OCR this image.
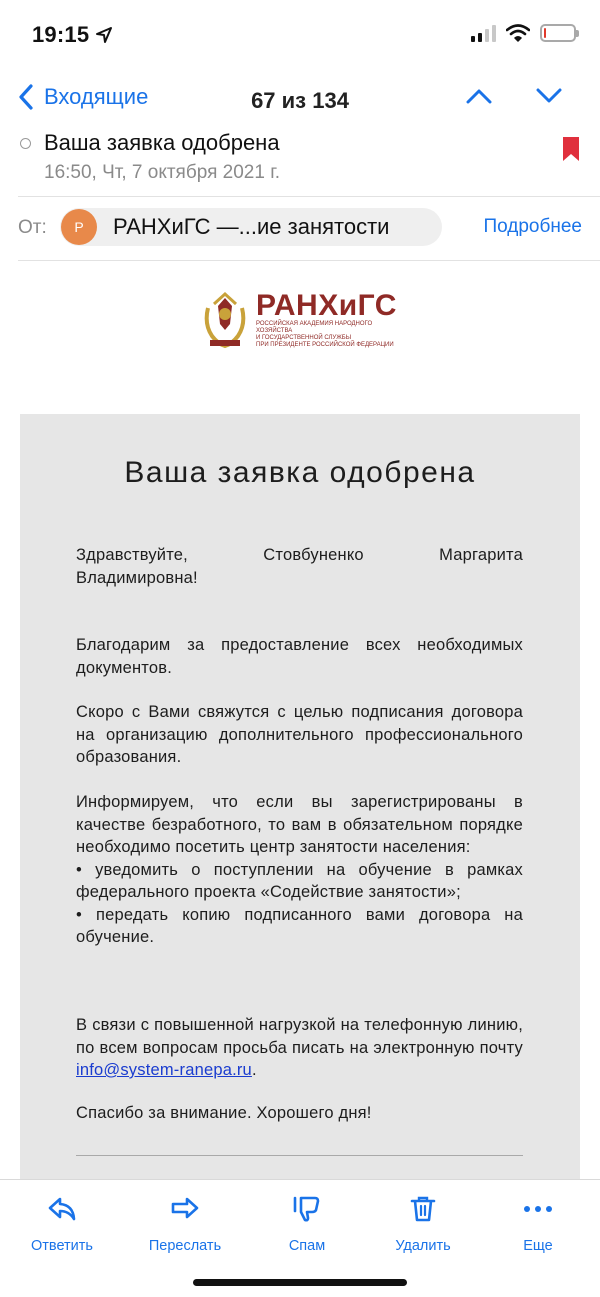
19:15
Входящие	67 из 134
Ваша заявка одобрена
16:50, Чт, 7 октября 2021 г.
От:	Р	РАНХиГС —...ие занятости	Подробнее
РАНХиГС
РОССИЙСКАЯ АКАДЕМИЯ НАРОДНОГО ХОЗЯЙСТВА
И ГОСУДАРСТВЕННОЙ СЛУЖБЫ
ПРИ ПРЕЗИДЕНТЕ РОССИЙСКОЙ ФЕДЕРАЦИИ
Ваша заявка одобрена
Здравствуйте,	Стовбуненко	Маргарита
Владимировна!
Благодарим за предоставление всех необходимых документов.
Скоро с Вами свяжутся с целью подписания договора на организацию дополнительного профессионального образования.
Информируем, что если вы зарегистрированы в качестве безработного, то вам в обязательном порядке необходимо посетить центр занятости населения:
• уведомить о поступлении на обучение в рамках федерального проекта «Содействие занятости»;
• передать копию подписанного вами договора на обучение.
В связи с повышенной нагрузкой на телефонную линию, по всем вопросам просьба писать на электронную почту info@system-ranepa.ru.
Спасибо за внимание. Хорошего дня!
Ответить	Переслать	Спам	Удалить	Еще
